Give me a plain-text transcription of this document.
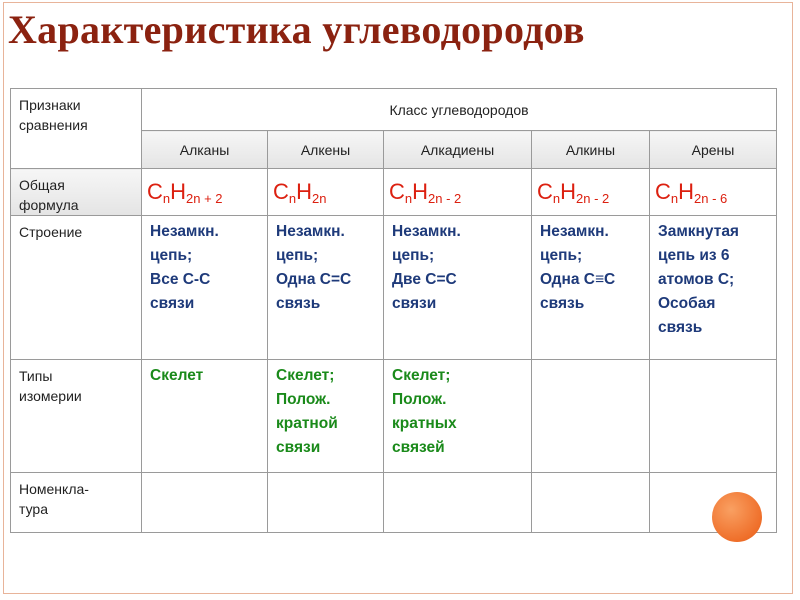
Характеристика углеводородов
Признаки
сравнения	Класс углеводородов				
	Алканы	Алкены	Алкадиены	Алкины	Арены

Общая
формула	$C_nH_{2n + 2}$	$C_nH_{2n}$	$C_nH_{2n - 2}$	$C_nH_{2n - 2}$	$C_nH_{2n - 6}$

Строение	Незамкн.
цепь;
Все С-С
связи	Незамкн.
цепь;
Одна С=С
связь	Незамкн.
цепь;
Две С=С
связи	Незамкн.
цепь;
Одна С≡С
связь	Замкнутая
цепь из 6
атомов С;
Особая
связь

Типы
изомерии	Скелет	Скелет;
Полож.
кратной
связи	Скелет;
Полож.
кратных
связей		

Номенкла-
тура					
